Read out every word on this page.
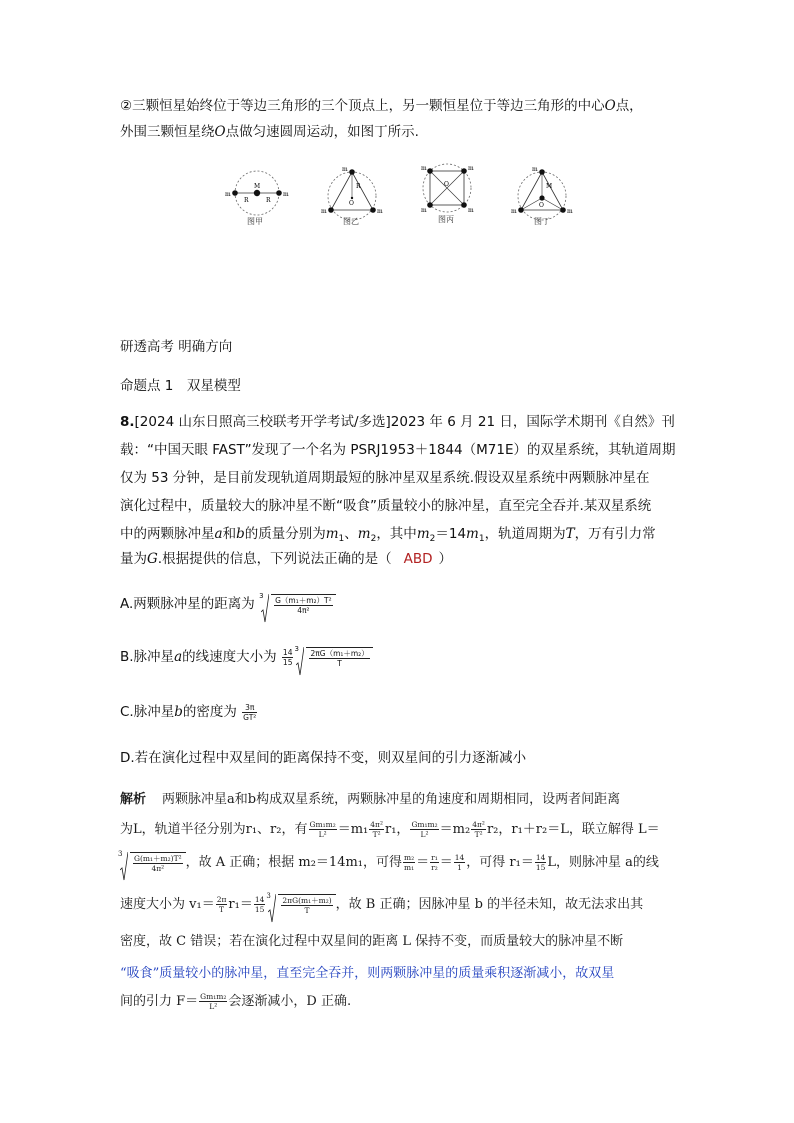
②三颗恒星始终位于等边三角形的三个顶点上，另一颗恒星位于等边三角形的中心O点，
外围三颗恒星绕O点做匀速圆周运动，如图丁所示.
m	m
M
R	R
图甲
m
m	m
R
O
图乙
m	m
m	m
O
图丙
m
m	m
M
O
图丁
研透高考 明确方向
命题点 1　双星模型
8.[2024 山东日照高三校联考开学考试/多选]2023 年 6 月 21 日，国际学术期刊《自然》刊
载：“中国天眼 FAST”发现了一个名为 PSRJ1953＋1844（M71E）的双星系统，其轨道周期
仅为 53 分钟，是目前发现轨道周期最短的脉冲星双星系统.假设双星系统中两颗脉冲星在
演化过程中，质量较大的脉冲星不断“吸食”质量较小的脉冲星，直至完全吞并.某双星系统
中的两颗脉冲星a和b的质量分别为$m_1$、$m_2$，其中$m_2=14m_1$，轨道周期为T，万有引力常
量为G.根据提供的信息，下列说法正确的是（ ABD ）
A.两颗脉冲星的距离为
$3 \frac{\text{G（m₁＋m₂）T²}}{\text{4π²}}$
B.脉冲星a的线速度大小为 $\frac{14}{15} 3 \frac{\text{2πG（m₁＋m₂）}}{T}$
C.脉冲星b的密度为 $\frac{3\pi}{\text{GT²}}$
D.若在演化过程中双星间的距离保持不变，则双星间的引力逐渐减小
解析 两颗脉冲星a和b构成双星系统，两颗脉冲星的角速度和周期相同，设两者间距离
为L，轨道半径分别为r₁、r₂，有 $\frac{\text{Gm₁m₂}}{\text{L²}} =m_1 \frac{\text{4π²}}{\text{T²}} r_1$， $\frac{\text{Gm₁m₂}}{\text{L²}} =m_2 \frac{\text{4π²}}{\text{T²}} r_2$，r₁＋r₂＝L，联立解得 L＝
$3 \frac{\text{G(m₁＋m₂)T²}}{\text{4π²}}$ ，故 A 正确；根据 m₂＝14m₁，可得 $\frac{\text{m₂}}{\text{m₁}} = \frac{\text{r₁}}{\text{r₂}} = \frac{14}{1}$ ，可得 $r_1= \frac{14}{15}$ L，则脉冲星 a的线
速度大小为 $v_1= \frac{2\pi}{T} r_1= \frac{14}{15} 3 \frac{\text{2πG(m₁＋m₂)}}{T}$ ，故 B 正确；因脉冲星 b 的半径未知，故无法求出其
密度，故 C 错误；若在演化过程中双星间的距离 L 保持不变，而质量较大的脉冲星不断
“吸食”质量较小的脉冲星，直至完全吞并，则两颗脉冲星的质量乘积逐渐减小，故双星
间的引力 $F= \frac{\text{Gm₁m₂}}{\text{L²}}$ 会逐渐减小，D 正确.
